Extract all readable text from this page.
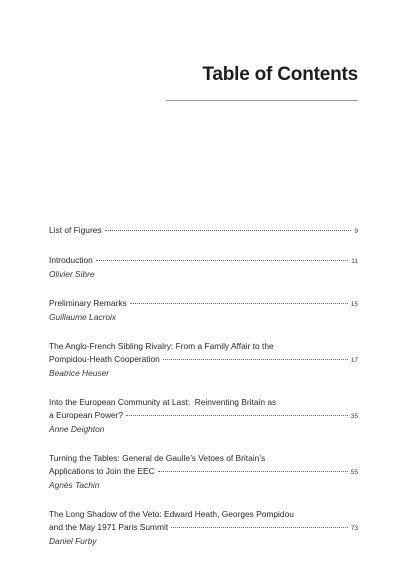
Table of Contents
List of Figures	9
Introduction	11
Olivier Sibre
Preliminary Remarks	15
Guillaume Lacroix
The Anglo-French Sibling Rivalry: From a Family Affair to the
Pompidou-Heath Cooperation	17
Beatrice Heuser
Into the European Community at Last:  Reinventing Britain as
a European Power?	35
Anne Deighton
Turning the Tables: General de Gaulle’s Vetoes of Britain’s
Applications to Join the EEC	55
Agnès Tachin
The Long Shadow of the Veto: Edward Heath, Georges Pompidou
and the May 1971 Paris Summit	73
Daniel Furby
